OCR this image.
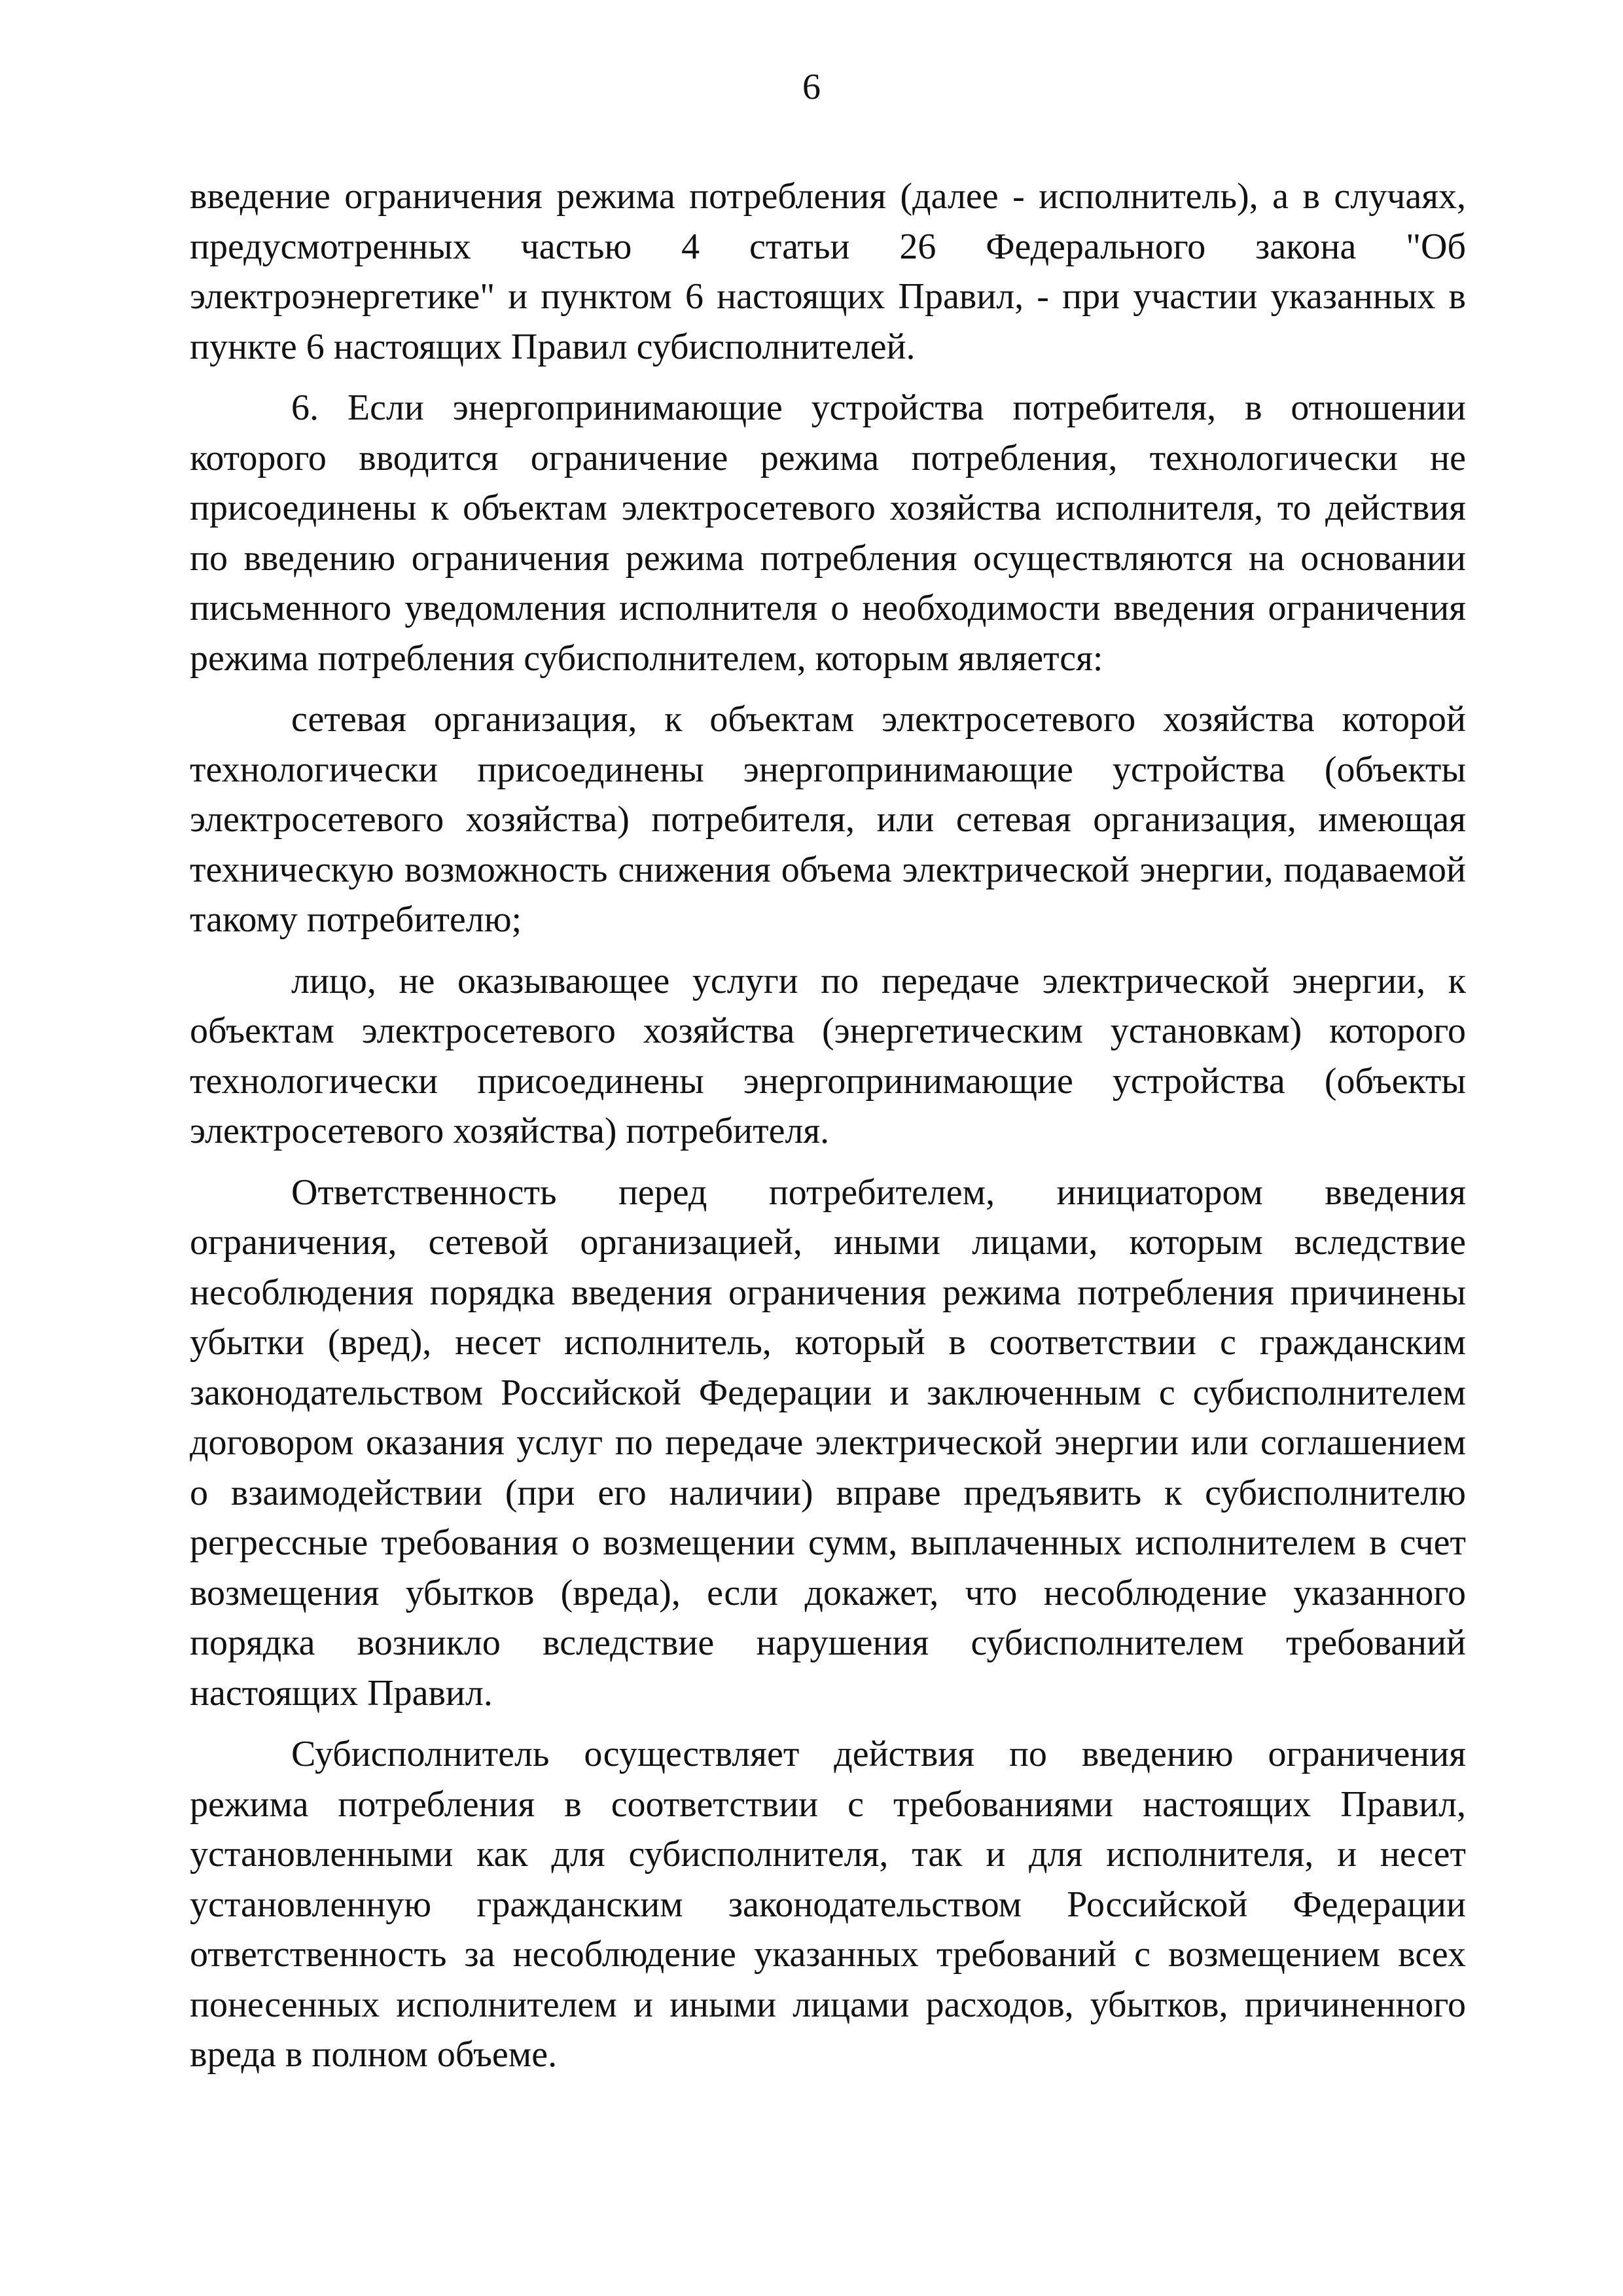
6

введение ограничения режима потребления (далее - исполнитель), а в случаях, предусмотренных частью 4 статьи 26 Федерального закона "Об электроэнергетике" и пунктом 6 настоящих Правил, - при участии указанных в пункте 6 настоящих Правил субисполнителей.

6. Если энергопринимающие устройства потребителя, в отношении которого вводится ограничение режима потребления, технологически не присоединены к объектам электросетевого хозяйства исполнителя, то действия по введению ограничения режима потребления осуществляются на основании письменного уведомления исполнителя о необходимости введения ограничения режима потребления субисполнителем, которым является:

сетевая организация, к объектам электросетевого хозяйства которой технологически присоединены энергопринимающие устройства (объекты электросетевого хозяйства) потребителя, или сетевая организация, имеющая техническую возможность снижения объема электрической энергии, подаваемой такому потребителю;

лицо, не оказывающее услуги по передаче электрической энергии, к объектам электросетевого хозяйства (энергетическим установкам) которого технологически присоединены энергопринимающие устройства (объекты электросетевого хозяйства) потребителя.

Ответственность перед потребителем, инициатором введения ограничения, сетевой организацией, иными лицами, которым вследствие несоблюдения порядка введения ограничения режима потребления причинены убытки (вред), несет исполнитель, который в соответствии с гражданским законодательством Российской Федерации и заключенным с субисполнителем договором оказания услуг по передаче электрической энергии или соглашением о взаимодействии (при его наличии) вправе предъявить к субисполнителю регрессные требования о возмещении сумм, выплаченных исполнителем в счет возмещения убытков (вреда), если докажет, что несоблюдение указанного порядка возникло вследствие нарушения субисполнителем требований настоящих Правил.

Субисполнитель осуществляет действия по введению ограничения режима потребления в соответствии с требованиями настоящих Правил, установленными как для субисполнителя, так и для исполнителя, и несет установленную гражданским законодательством Российской Федерации ответственность за несоблюдение указанных требований с возмещением всех понесенных исполнителем и иными лицами расходов, убытков, причиненного вреда в полном объеме.
